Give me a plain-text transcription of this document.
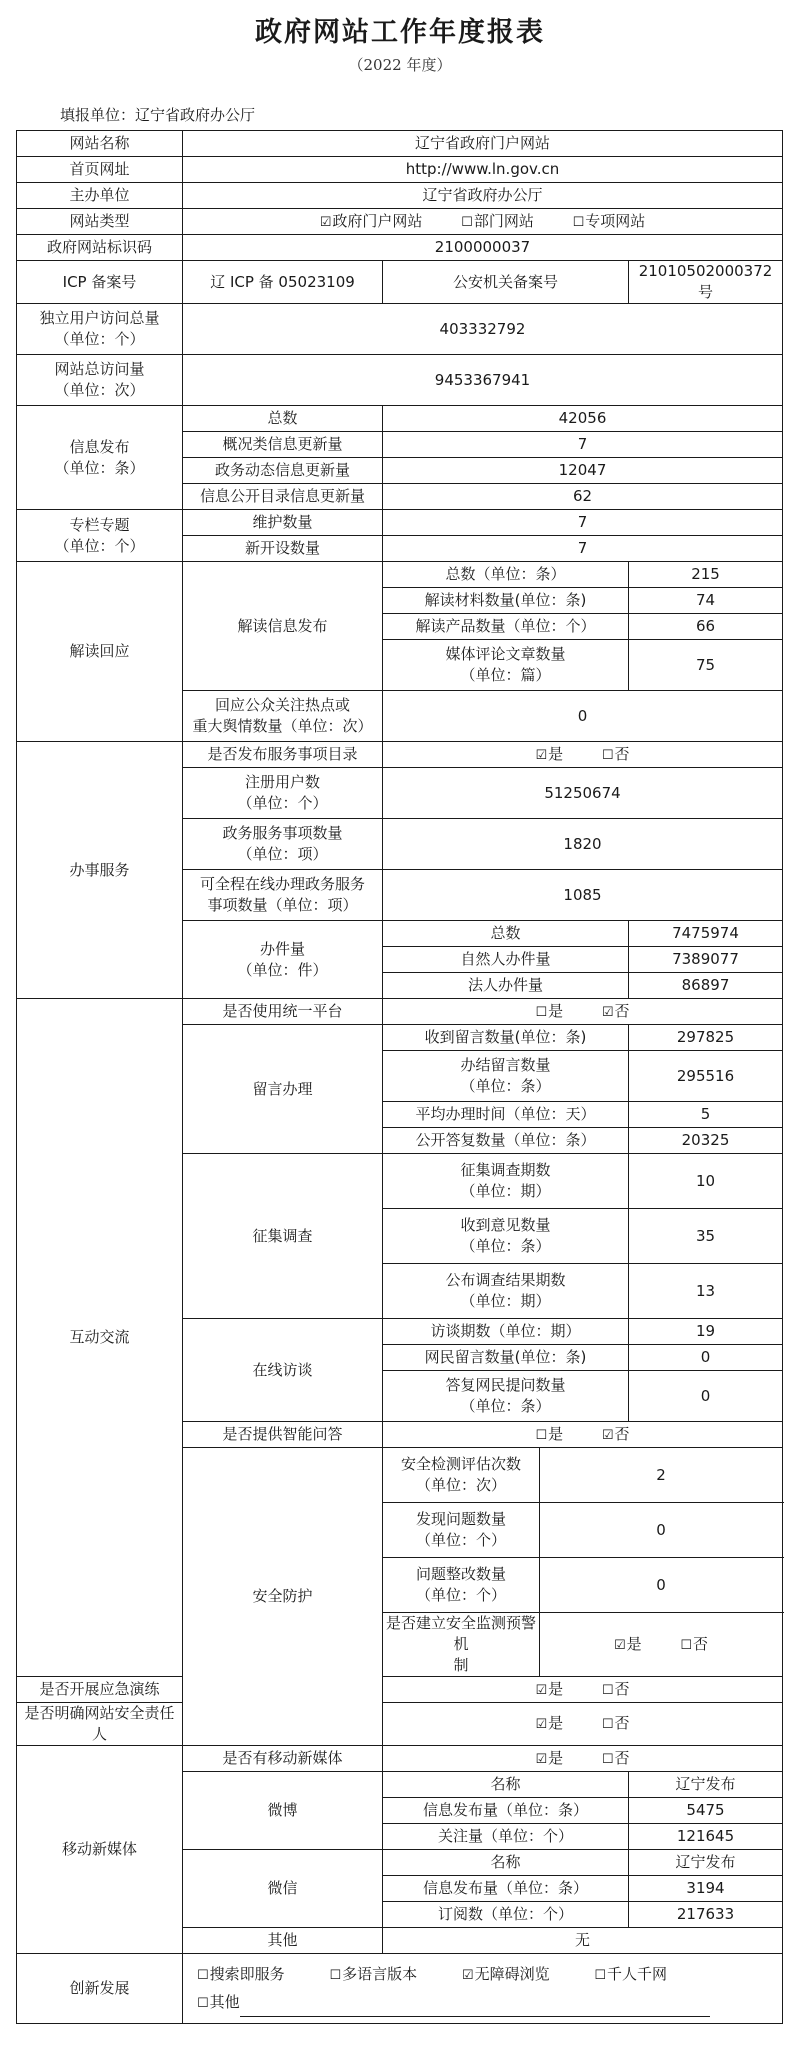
政府网站工作年度报表
（2022 年度）
填报单位：辽宁省政府办公厅
网站名称	辽宁省政府门户网站			
首页网址	http://www.ln.gov.cn			
主办单位	辽宁省政府办公厅			
网站类型	☑政府门户网站 ☐部门网站 ☐专项网站			
政府网站标识码	2100000037			
ICP 备案号	辽 ICP 备 05023109	公安机关备案号		21010502000372 号
独立用户访问总量
（单位：个）	403332792			
网站总访问量
（单位：次）	9453367941			
信息发布
（单位：条）	总数	42056		
	概况类信息更新量	7		
	政务动态信息更新量	12047		
	信息公开目录信息更新量	62		
专栏专题
（单位：个）	维护数量	7		
	新开设数量	7		
解读回应	解读信息发布	总数（单位：条）		215
		解读材料数量(单位：条)		74
		解读产品数量（单位：个）		66
		媒体评论文章数量
（单位：篇）		75
	回应公众关注热点或
重大舆情数量（单位：次）	0		
办事服务	是否发布服务事项目录	☑是 ☐否		
	注册用户数
（单位：个）	51250674		
	政务服务事项数量
（单位：项）	1820		
	可全程在线办理政务服务
事项数量（单位：项）	1085		
	办件量
（单位：件）	总数		7475974
		自然人办件量		7389077
		法人办件量		86897
互动交流	是否使用统一平台	☐是 ☑否		
	留言办理	收到留言数量(单位：条)		297825
		办结留言数量
（单位：条）		295516
		平均办理时间（单位：天）		5
		公开答复数量（单位：条）		20325
	征集调查	征集调查期数
（单位：期）		10
		收到意见数量
（单位：条）		35
		公布调查结果期数
（单位：期）		13
	在线访谈	访谈期数（单位：期）		19
		网民留言数量(单位：条)		0
		答复网民提问数量
（单位：条）		0
	是否提供智能问答	☐是 ☑否		
	安全防护	安全检测评估次数
（单位：次）	2	
		发现问题数量
（单位：个）	0	
		问题整改数量
（单位：个）	0	
		是否建立安全监测预警机
制	☑是 ☐否	
是否开展应急演练		☑是 ☐否		
是否明确网站安全责任人		☑是 ☐否		
移动新媒体	是否有移动新媒体	☑是 ☐否		
	微博	名称		辽宁发布
		信息发布量（单位：条）		5475
		关注量（单位：个）		121645
	微信	名称		辽宁发布
		信息发布量（单位：条）		3194
		订阅数（单位：个）		217633
	其他	无		
创新发展	☐搜索即服务 ☐多语言版本 ☑无障碍浏览 ☐千人千网
☐其他			
